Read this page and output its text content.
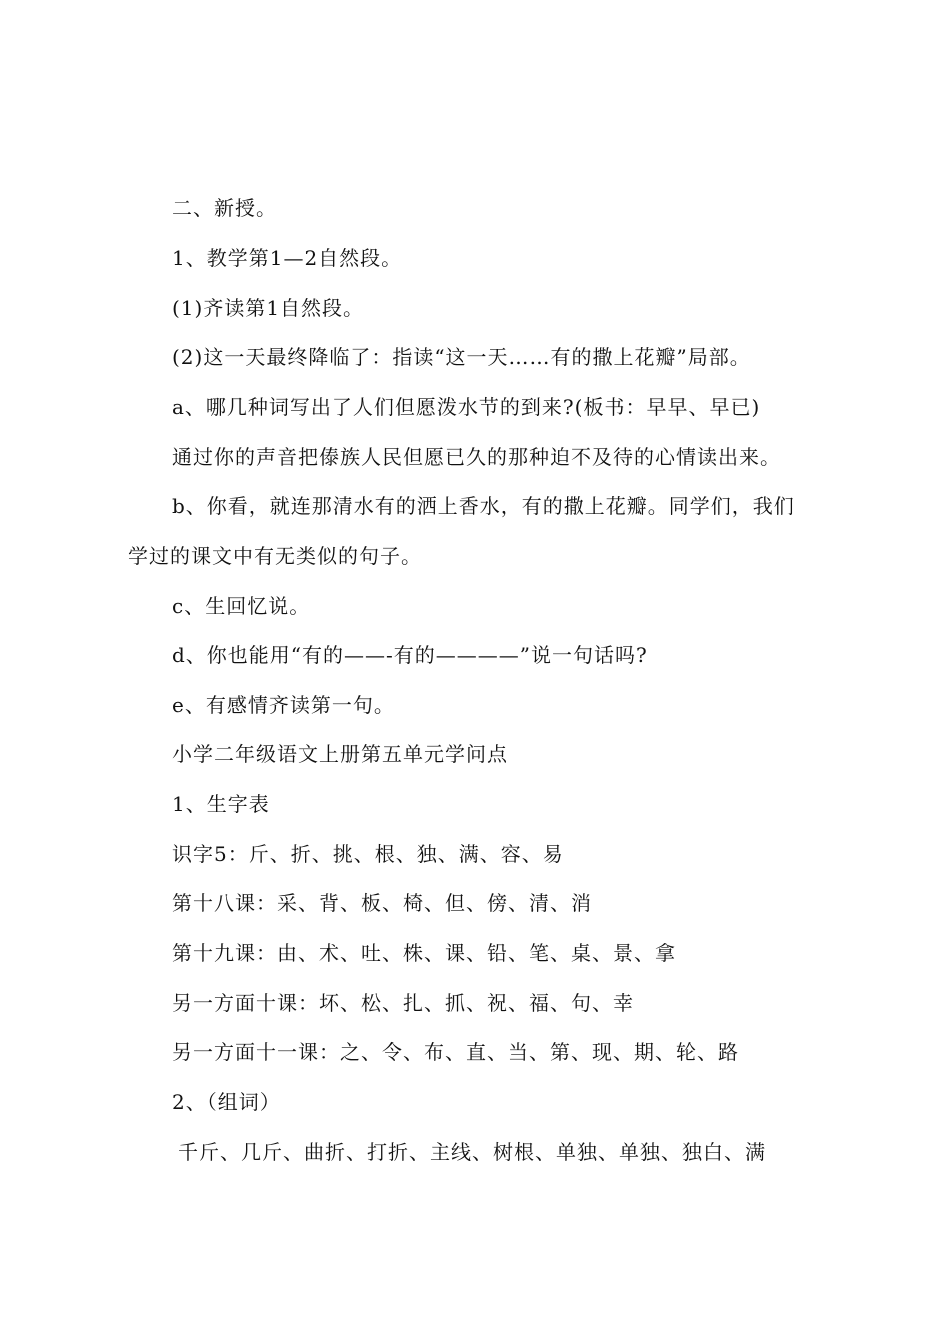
二、新授。
1、教学第1—2自然段。
(1)齐读第1自然段。
(2)这一天最终降临了：指读“这一天……有的撒上花瓣”局部。
a、哪几种词写出了人们但愿泼水节的到来?(板书：早早、早已)
通过你的声音把傣族人民但愿已久的那种迫不及待的心情读出来。
b、你看，就连那清水有的洒上香水，有的撒上花瓣。同学们，我们
学过的课文中有无类似的句子。
c、生回忆说。
d、你也能用“有的——-有的————”说一句话吗?
e、有感情齐读第一句。
小学二年级语文上册第五单元学问点
1、生字表
识字5：斤、折、挑、根、独、满、容、易
第十八课：采、背、板、椅、但、傍、清、消
第十九课：由、术、吐、株、课、铅、笔、桌、景、拿
另一方面十课：坏、松、扎、抓、祝、福、句、幸
另一方面十一课：之、令、布、直、当、第、现、期、轮、路
2、（组词）
千斤、几斤、曲折、打折、主线、树根、单独、单独、独白、满
